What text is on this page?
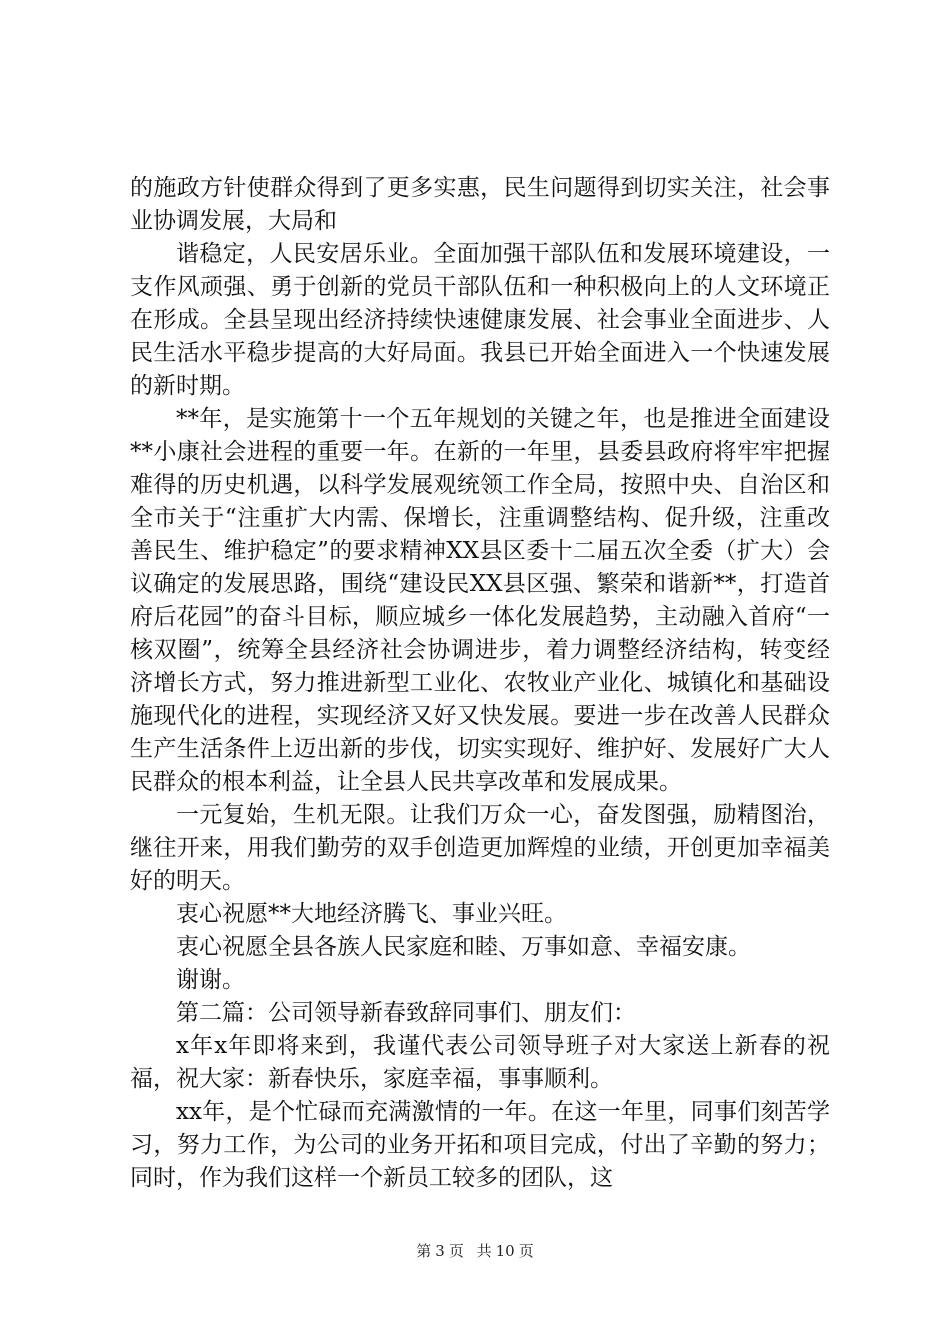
的施政方针使群众得到了更多实惠，民生问题得到切实关注，社会事业协调发展，大局和

谐稳定，人民安居乐业。全面加强干部队伍和发展环境建设，一支作风顽强、勇于创新的党员干部队伍和一种积极向上的人文环境正在形成。全县呈现出经济持续快速健康发展、社会事业全面进步、人民生活水平稳步提高的大好局面。我县已开始全面进入一个快速发展的新时期。

**年，是实施第十一个五年规划的关键之年，也是推进全面建设**小康社会进程的重要一年。在新的一年里，县委县政府将牢牢把握难得的历史机遇，以科学发展观统领工作全局，按照中央、自治区和全市关于“注重扩大内需、保增长，注重调整结构、促升级，注重改善民生、维护稳定”的要求精神XX县区委十二届五次全委（扩大）会议确定的发展思路，围绕“建设民XX县区强、繁荣和谐新**，打造首府后花园”的奋斗目标，顺应城乡一体化发展趋势，主动融入首府“一核双圈”，统筹全县经济社会协调进步，着力调整经济结构，转变经济增长方式，努力推进新型工业化、农牧业产业化、城镇化和基础设施现代化的进程，实现经济又好又快发展。要进一步在改善人民群众生产生活条件上迈出新的步伐，切实实现好、维护好、发展好广大人民群众的根本利益，让全县人民共享改革和发展成果。

一元复始，生机无限。让我们万众一心，奋发图强，励精图治，继往开来，用我们勤劳的双手创造更加辉煌的业绩，开创更加幸福美好的明天。

衷心祝愿**大地经济腾飞、事业兴旺。

衷心祝愿全县各族人民家庭和睦、万事如意、幸福安康。

谢谢。

第二篇：公司领导新春致辞同事们、朋友们：

x年x年即将来到，我谨代表公司领导班子对大家送上新春的祝福，祝大家：新春快乐，家庭幸福，事事顺利。

xx年，是个忙碌而充满激情的一年。在这一年里，同事们刻苦学习，努力工作，为公司的业务开拓和项目完成，付出了辛勤的努力；同时，作为我们这样一个新员工较多的团队，这

第 3 页 共 10 页
